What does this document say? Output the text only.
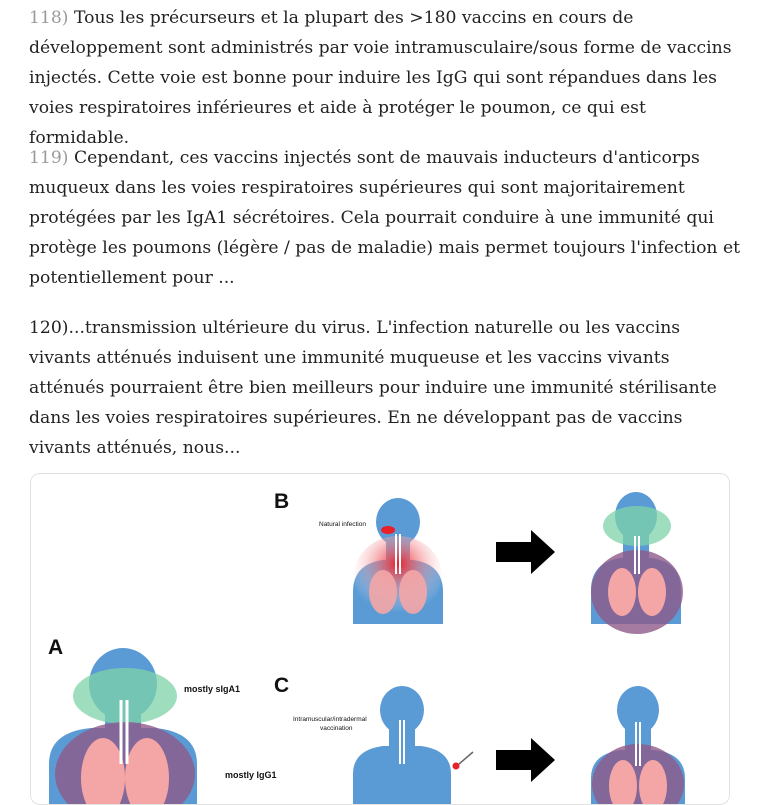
118) Tous les précurseurs et la plupart des >180 vaccins en cours de développement sont administrés par voie intramusculaire/sous forme de vaccins injectés. Cette voie est bonne pour induire les IgG qui sont répandues dans les voies respiratoires inférieures et aide à protéger le poumon, ce qui est formidable.

119) Cependant, ces vaccins injectés sont de mauvais inducteurs d'anticorps muqueux dans les voies respiratoires supérieures qui sont majoritairement protégées par les IgA1 sécrétoires. Cela pourrait conduire à une immunité qui protège les poumons (légère / pas de maladie) mais permet toujours l'infection et potentiellement pour ...

120)...transmission ultérieure du virus. L'infection naturelle ou les vaccins vivants atténués induisent une immunité muqueuse et les vaccins vivants atténués pourraient être bien meilleurs pour induire une immunité stérilisante dans les voies respiratoires supérieures. En ne développant pas de vaccins vivants atténués, nous...

B
A
C
Natural infection
Intramuscular/intradermal
vaccination
mostly sIgA1
mostly IgG1
